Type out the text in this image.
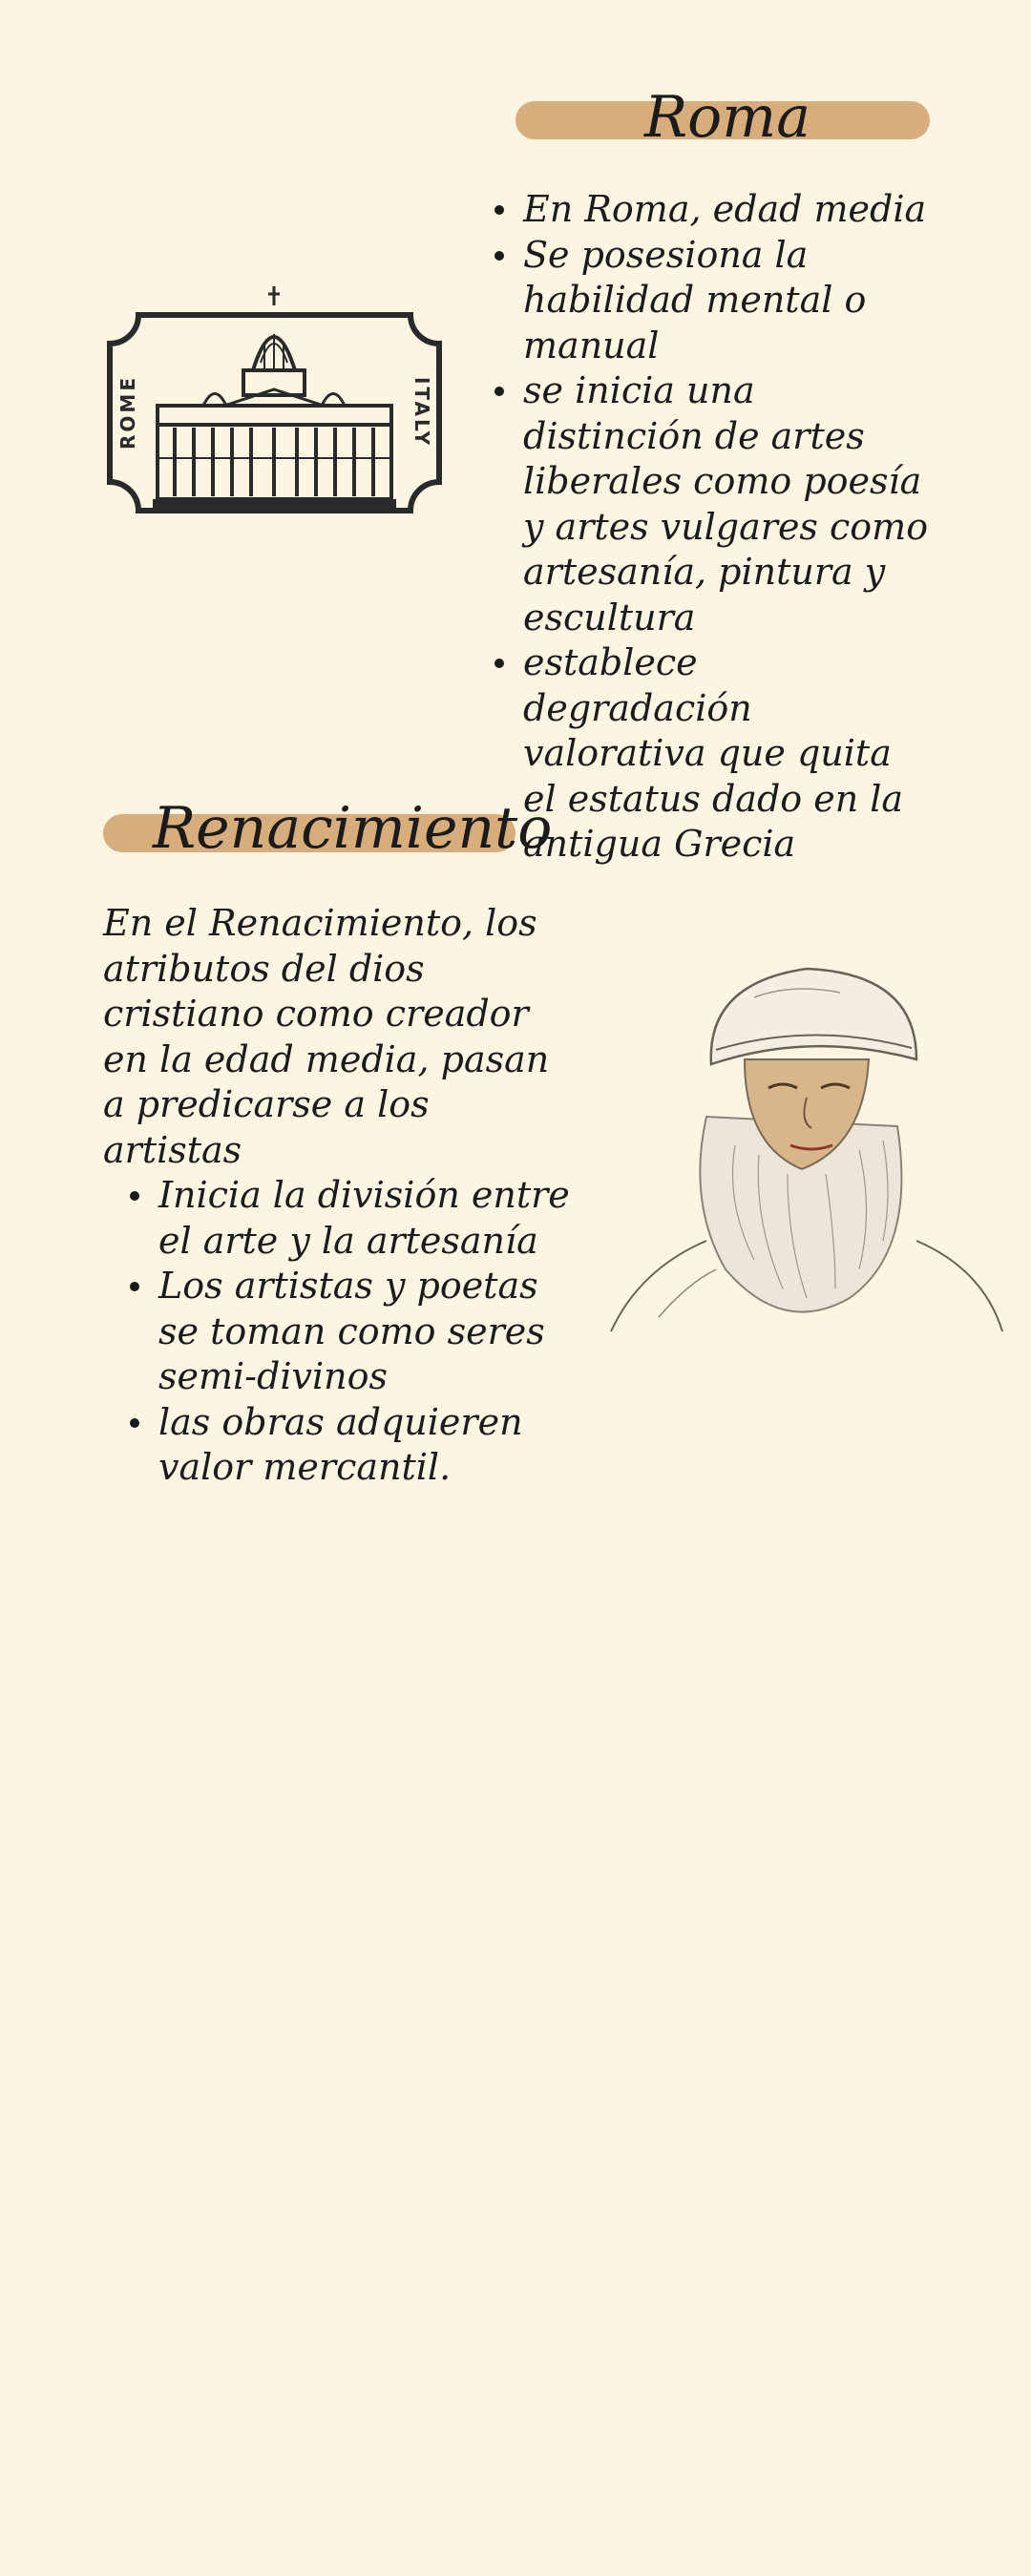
Roma
ROME	ITALY
En Roma, edad media
Se posesiona la habilidad mental o manual
se inicia una distinción de artes liberales como poesía y artes vulgares como artesanía, pintura y escultura
establece degradación valorativa que quita el estatus dado en la antigua Grecia
Renacimiento

En el Renacimiento, los atributos del dios cristiano como creador en la edad media, pasan a predicarse a los artistas

Inicia la división entre el arte y la artesanía
Los artistas y poetas se toman como seres semi-divinos
las obras adquieren valor mercantil.
